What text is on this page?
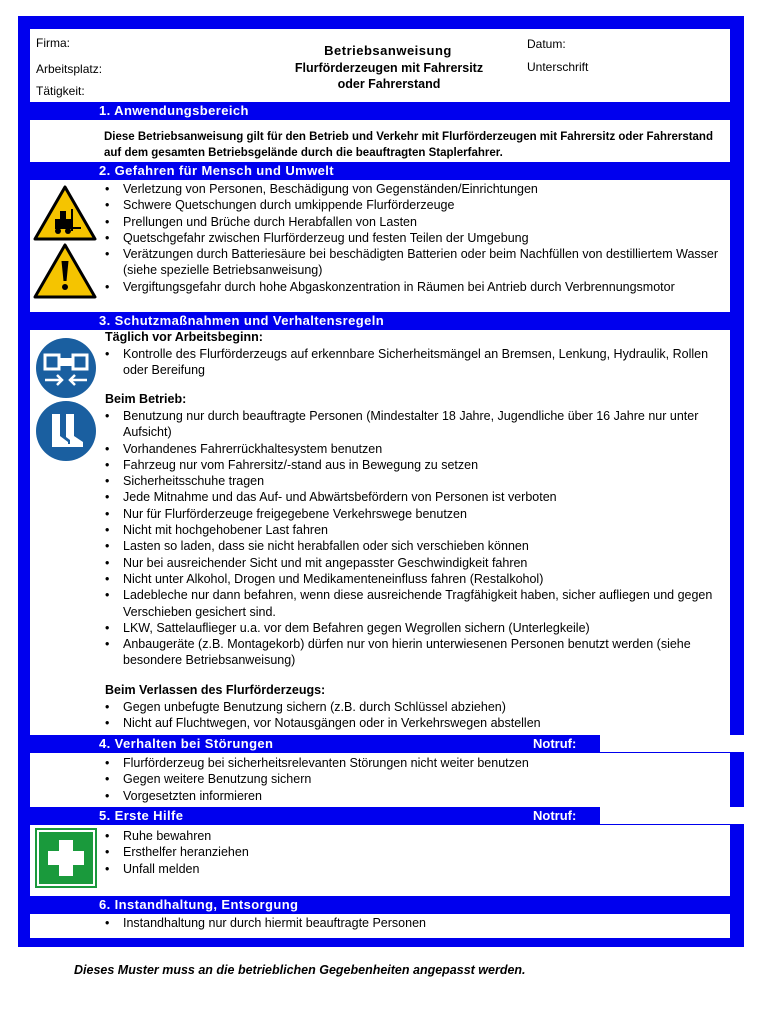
Firma:
Arbeitsplatz:
Tätigkeit:
Betriebsanweisung
Flurförderzeugen mit Fahrersitz
oder Fahrerstand
Datum:
Unterschrift
1. Anwendungsbereich
Diese Betriebsanweisung gilt für den Betrieb und Verkehr mit Flurförderzeugen mit Fahrersitz oder Fahrerstand auf dem gesamten Betriebsgelände durch die beauftragten Staplerfahrer.
2. Gefahren für Mensch und Umwelt
• Verletzung von Personen, Beschädigung von Gegenständen/Einrichtungen
• Schwere Quetschungen durch umkippende Flurförderzeuge
• Prellungen und Brüche durch Herabfallen von Lasten
• Quetschgefahr zwischen Flurförderzeug und festen Teilen der Umgebung
• Verätzungen durch Batteriesäure bei beschädigten Batterien oder beim Nachfüllen von destilliertem Wasser (siehe spezielle Betriebsanweisung)
• Vergiftungsgefahr durch hohe Abgaskonzentration in Räumen bei Antrieb durch Verbrennungsmotor
3. Schutzmaßnahmen und Verhaltensregeln
Täglich vor Arbeitsbeginn:
• Kontrolle des Flurförderzeugs auf erkennbare Sicherheitsmängel an Bremsen, Lenkung, Hydraulik, Rollen oder Bereifung
Beim Betrieb:
• Benutzung nur durch beauftragte Personen (Mindestalter 18 Jahre, Jugendliche über 16 Jahre nur unter Aufsicht)
• Vorhandenes Fahrerrückhaltesystem benutzen
• Fahrzeug nur vom Fahrersitz/-stand aus in Bewegung zu setzen
• Sicherheitsschuhe tragen
• Jede Mitnahme und das Auf- und Abwärtsbefördern von Personen ist verboten
• Nur für Flurförderzeuge freigegebene Verkehrswege benutzen
• Nicht mit hochgehobener Last fahren
• Lasten so laden, dass sie nicht herabfallen oder sich verschieben können
• Nur bei ausreichender Sicht und mit angepasster Geschwindigkeit fahren
• Nicht unter Alkohol, Drogen und Medikamenteneinfluss fahren (Restalkohol)
• Ladebleche nur dann befahren, wenn diese ausreichende Tragfähigkeit haben, sicher aufliegen und gegen Verschieben gesichert sind.
• LKW, Sattelauflieger u.a. vor dem Befahren gegen Wegrollen sichern (Unterlegkeile)
• Anbaugeräte (z.B. Montagekorb) dürfen nur von hierin unterwiesenen Personen benutzt werden (siehe besondere Betriebsanweisung)
Beim Verlassen des Flurförderzeugs:
• Gegen unbefugte Benutzung sichern (z.B. durch Schlüssel abziehen)
• Nicht auf Fluchtwegen, vor Notausgängen oder in Verkehrswegen abstellen
4. Verhalten bei Störungen	Notruf:
• Flurförderzeug bei sicherheitsrelevanten Störungen nicht weiter benutzen
• Gegen weitere Benutzung sichern
• Vorgesetzten informieren
5. Erste Hilfe	Notruf:
• Ruhe bewahren
• Ersthelfer heranziehen
• Unfall melden
6. Instandhaltung, Entsorgung
• Instandhaltung nur durch hiermit beauftragte Personen
Dieses Muster muss an die betrieblichen Gegebenheiten angepasst werden.
